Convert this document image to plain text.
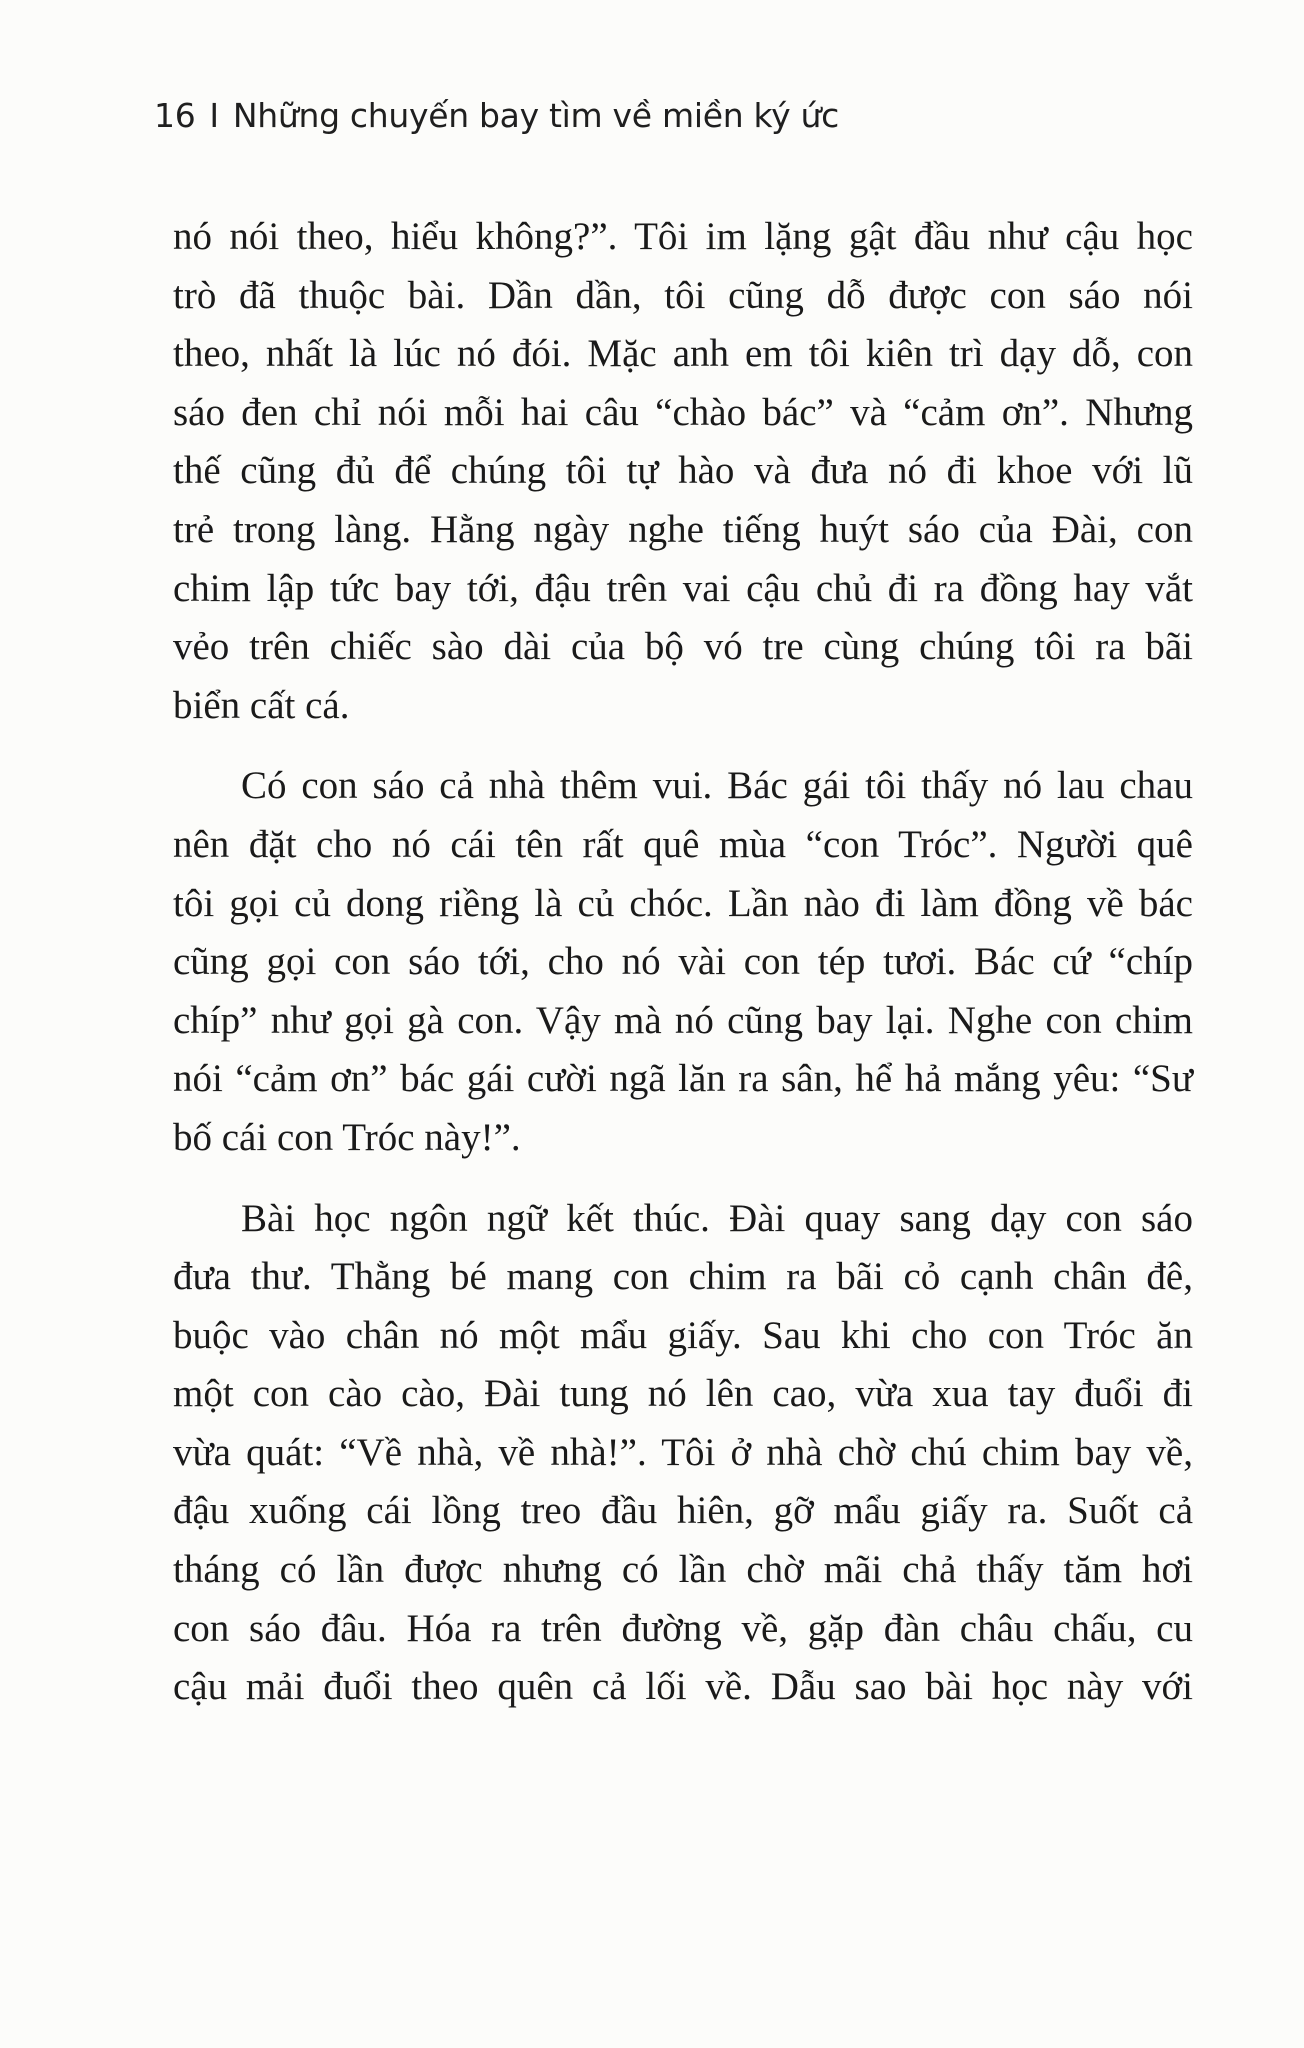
16 I Những chuyến bay tìm về miền ký ức
nó nói theo, hiểu không?”. Tôi im lặng gật đầu như cậu học
trò đã thuộc bài. Dần dần, tôi cũng dỗ được con sáo nói
theo, nhất là lúc nó đói. Mặc anh em tôi kiên trì dạy dỗ, con
sáo đen chỉ nói mỗi hai câu “chào bác” và “cảm ơn”. Nhưng
thế cũng đủ để chúng tôi tự hào và đưa nó đi khoe với lũ
trẻ trong làng. Hằng ngày nghe tiếng huýt sáo của Đài, con
chim lập tức bay tới, đậu trên vai cậu chủ đi ra đồng hay vắt
vẻo trên chiếc sào dài của bộ vó tre cùng chúng tôi ra bãi
biển cất cá.
Có con sáo cả nhà thêm vui. Bác gái tôi thấy nó lau chau
nên đặt cho nó cái tên rất quê mùa “con Tróc”. Người quê
tôi gọi củ dong riềng là củ chóc. Lần nào đi làm đồng về bác
cũng gọi con sáo tới, cho nó vài con tép tươi. Bác cứ “chíp
chíp” như gọi gà con. Vậy mà nó cũng bay lại. Nghe con chim
nói “cảm ơn” bác gái cười ngã lăn ra sân, hể hả mắng yêu: “Sư
bố cái con Tróc này!”.
Bài học ngôn ngữ kết thúc. Đài quay sang dạy con sáo
đưa thư. Thằng bé mang con chim ra bãi cỏ cạnh chân đê,
buộc vào chân nó một mẩu giấy. Sau khi cho con Tróc ăn
một con cào cào, Đài tung nó lên cao, vừa xua tay đuổi đi
vừa quát: “Về nhà, về nhà!”. Tôi ở nhà chờ chú chim bay về,
đậu xuống cái lồng treo đầu hiên, gỡ mẩu giấy ra. Suốt cả
tháng có lần được nhưng có lần chờ mãi chả thấy tăm hơi
con sáo đâu. Hóa ra trên đường về, gặp đàn châu chấu, cu
cậu mải đuổi theo quên cả lối về. Dẫu sao bài học này với
